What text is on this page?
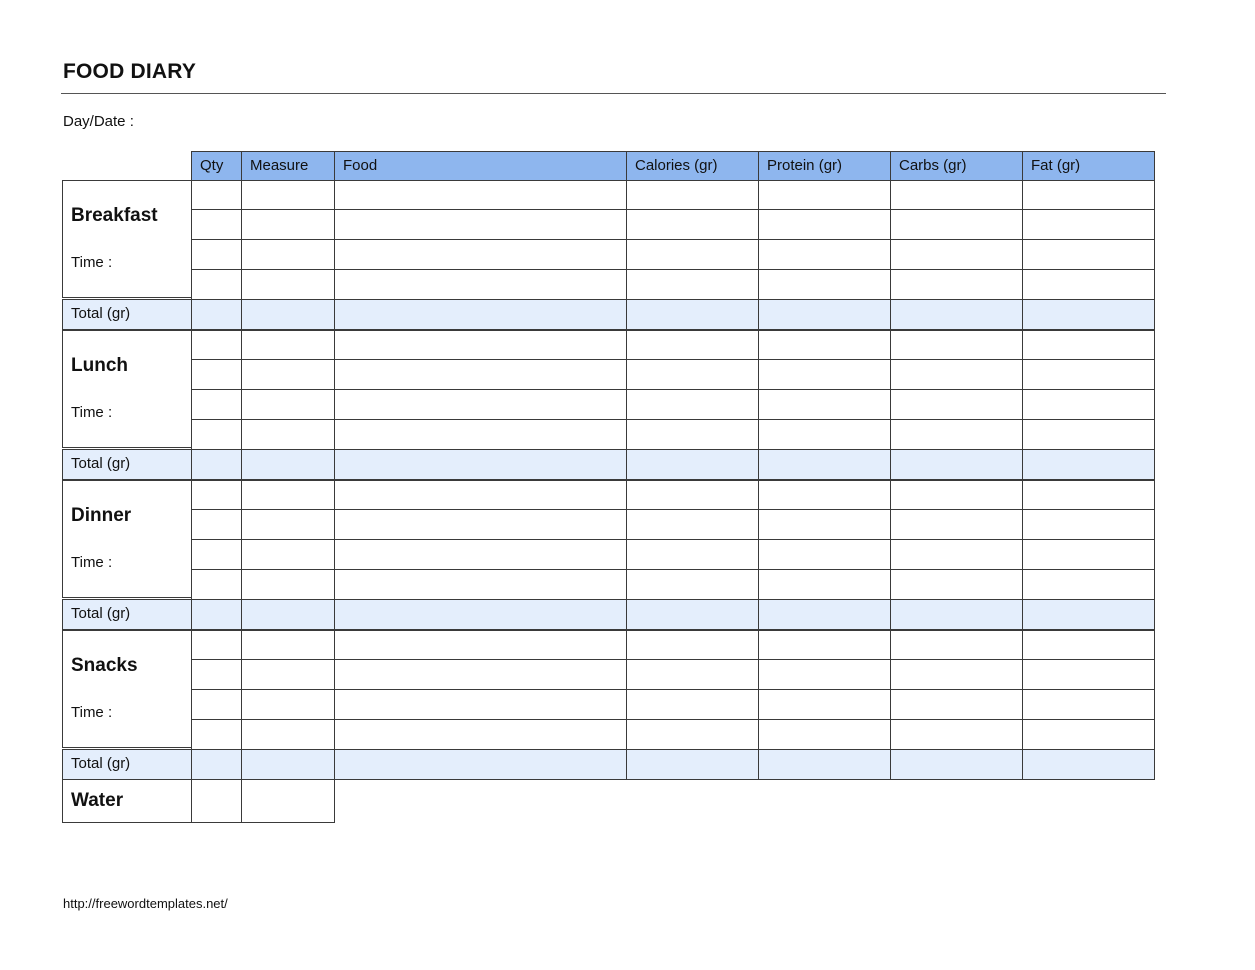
FOOD DIARY
Day/Date :
Qty	Measure	Food	Calories (gr)	Protein (gr)	Carbs (gr)	Fat (gr)
Breakfast
Time :
Total (gr)
Lunch
Time :
Total (gr)
Dinner
Time :
Total (gr)
Snacks
Time :
Total (gr)
Water
http://freewordtemplates.net/
